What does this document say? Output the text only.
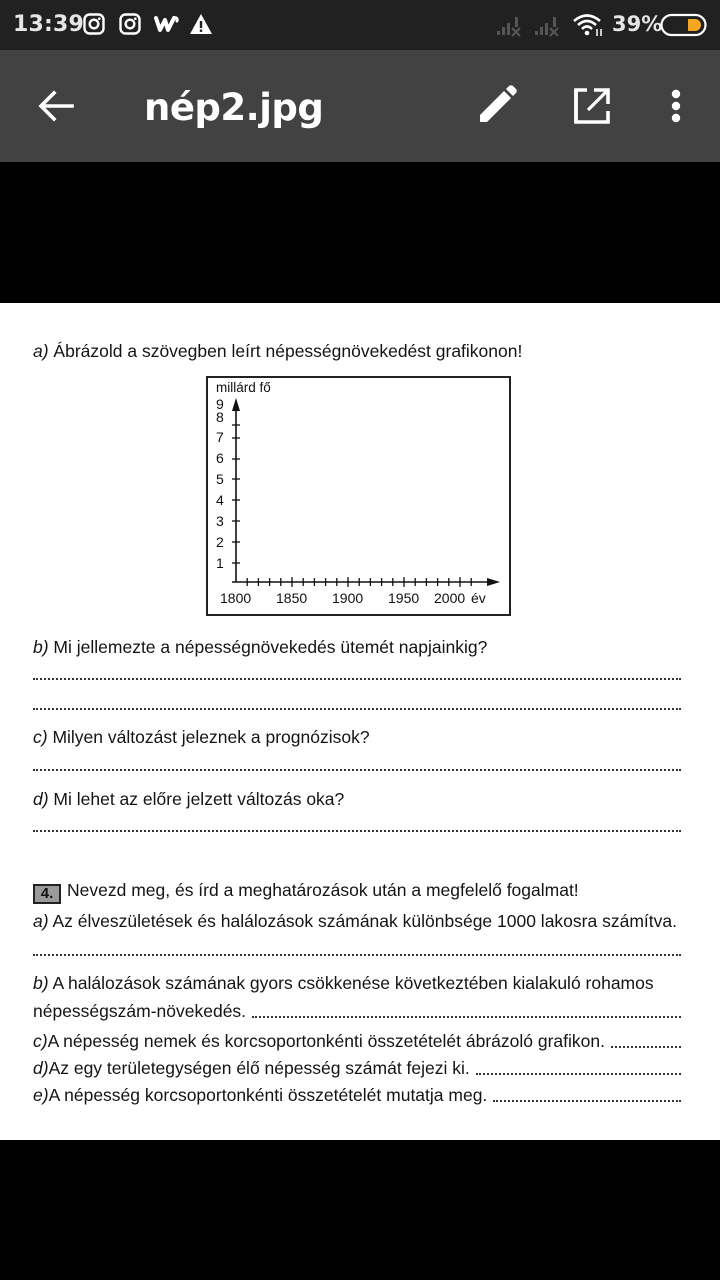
13:39	39%
nép2.jpg
a) Ábrázold a szövegben leírt népességnövekedést grafikonon!
millárd fő
9
8
7
6
5
4
3
2
1
1800 1850 1900 1950 2000 év
b) Mi jellemezte a népességnövekedés ütemét napjainkig?
c) Milyen változást jeleznek a prognózisok?
d) Mi lehet az előre jelzett változás oka?
4. Nevezd meg, és írd a meghatározások után a megfelelő fogalmat!
a) Az élveszületések és halálozások számának különbsége 1000 lakosra számítva.
b) A halálozások számának gyors csökkenése következtében kialakuló rohamos
népességszám-növekedés.
c) A népesség nemek és korcsoportonkénti összetételét ábrázoló grafikon.
d) Az egy területegységen élő népesség számát fejezi ki.
e) A népesség korcsoportonkénti összetételét mutatja meg.
